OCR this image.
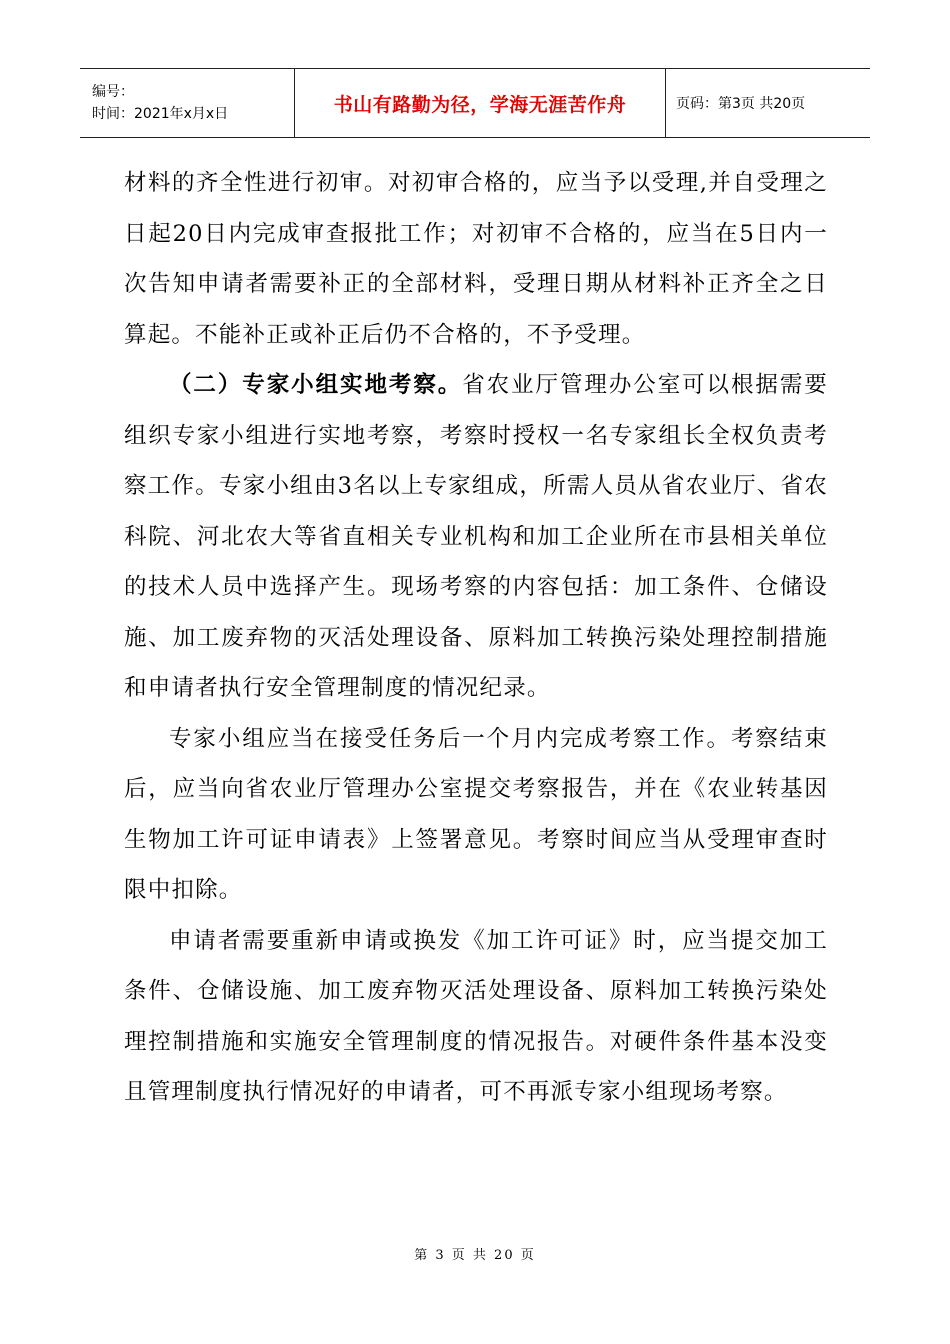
编号：
时间：2021年x月x日	书山有路勤为径，学海无涯苦作舟	页码：第3页 共20页

材料的齐全性进行初审。对初审合格的，应当予以受理,并自受理之日起20日内完成审查报批工作；对初审不合格的，应当在5日内一次告知申请者需要补正的全部材料，受理日期从材料补正齐全之日算起。不能补正或补正后仍不合格的，不予受理。

（二）专家小组实地考察。省农业厅管理办公室可以根据需要组织专家小组进行实地考察，考察时授权一名专家组长全权负责考察工作。专家小组由3名以上专家组成，所需人员从省农业厅、省农科院、河北农大等省直相关专业机构和加工企业所在市县相关单位的技术人员中选择产生。现场考察的内容包括：加工条件、仓储设施、加工废弃物的灭活处理设备、原料加工转换污染处理控制措施和申请者执行安全管理制度的情况纪录。

专家小组应当在接受任务后一个月内完成考察工作。考察结束后，应当向省农业厅管理办公室提交考察报告，并在《农业转基因生物加工许可证申请表》上签署意见。考察时间应当从受理审查时限中扣除。

申请者需要重新申请或换发《加工许可证》时，应当提交加工条件、仓储设施、加工废弃物灭活处理设备、原料加工转换污染处理控制措施和实施安全管理制度的情况报告。对硬件条件基本没变且管理制度执行情况好的申请者，可不再派专家小组现场考察。

第 3 页 共 20 页
